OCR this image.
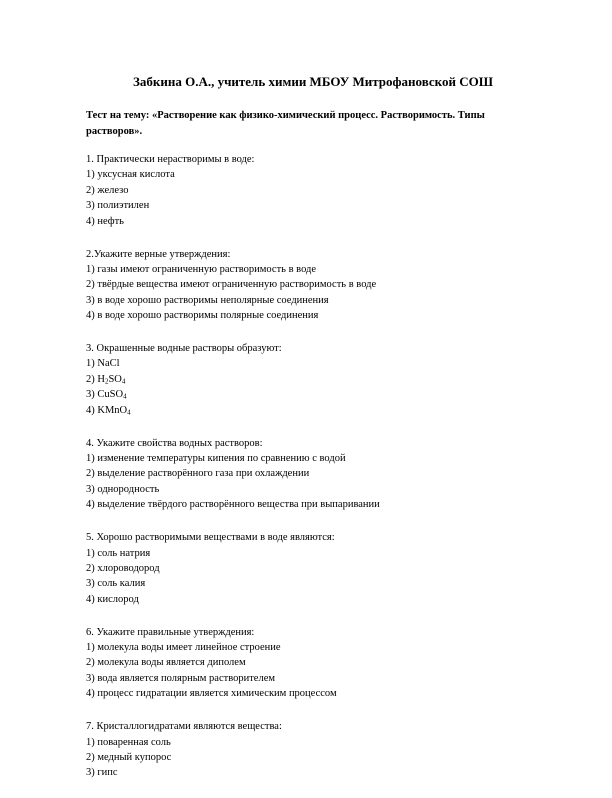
Забкина О.А., учитель химии МБОУ Митрофановской СОШ
Тест на тему: «Растворение как физико-химический процесс. Растворимость. Типы растворов».
1. Практически нерастворимы в воде:
1) уксусная кислота
2) железо
3) полиэтилен
4) нефть
2.Укажите верные утверждения:
1) газы имеют ограниченную растворимость в воде
2) твёрдые вещества имеют ограниченную растворимость в воде
3) в воде хорошо растворимы неполярные соединения
4) в воде хорошо растворимы полярные соединения
3. Окрашенные водные растворы образуют:
1) NaCl
2) $H_2SO_4$
3) CuSO$_4$
4) KMnO$_4$
4. Укажите свойства водных растворов:
1) изменение температуры кипения по сравнению с водой
2) выделение растворённого газа при охлаждении
3) однородность
4) выделение твёрдого растворённого вещества при выпаривании
5. Хорошо растворимыми веществами в воде являются:
1) соль натрия
2) хлороводород
3) соль калия
4) кислород
6. Укажите правильные утверждения:
1) молекула воды имеет линейное строение
2) молекула воды является диполем
3) вода является полярным растворителем
4) процесс гидратации является химическим процессом
7. Кристаллогидратами являются вещества:
1) поваренная соль
2) медный купорос
3) гипс
